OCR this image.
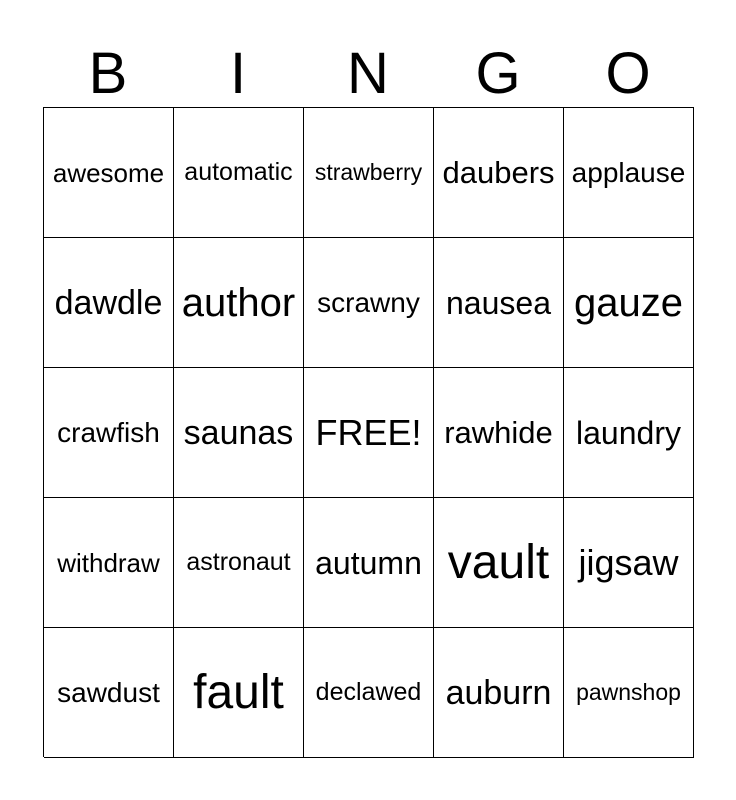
B	I	N	G	O
awesome automatic strawberry daubers applause
dawdle author scrawny nausea gauze
crawfish saunas FREE! rawhide laundry
withdraw	astronaut autumn vault jigsaw
sawdust fault	declawed auburn	pawnshop
